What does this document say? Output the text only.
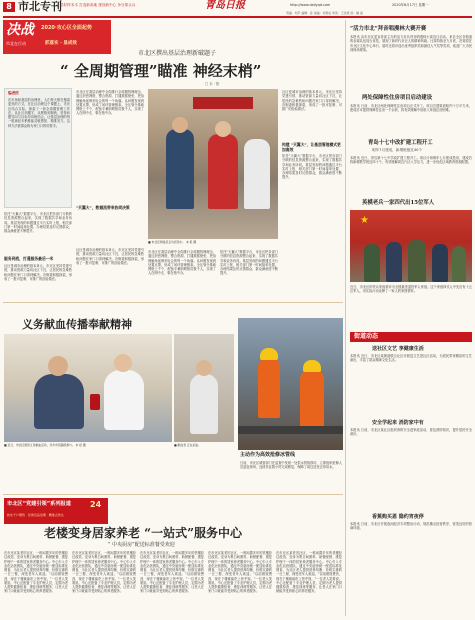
8 市北专刊
浩好样本木 打造新高地 建设新中心 争当排头兵	青岛日报	2020年8月17日 星期一
http://www.dailyqd.com
责编：刘平 编辑：孙 美编：刘君成 审读：王金燕 校：臧 丽
决战 2020·攻心区全面起势
市北在行动	抓落实 · 显成效
市北区撰出基层治理新破题子
“ 全周期管理”瞄准 神经末梢”
□ 本 · 报
编者按
在市场和基层的治理里，人们每天都在搜索更优的方式，在社区治理这个课题上，市北区结合实际，探索了一套全周期管理工作法。从社区到楼宇，从网格到街巷，坚持问题导向与目标导向相结合，让基层治理的每一根神经末梢都能灵敏感知、精准发力。这种方法被群众称为家门口的好帮手。
■ 市北区网格员走访居民中。 本 报 摄
市北区在基层治理中全面推行全周期管理理念，通过织密网格，整合资源，打通数据壁垒，把治理触角延伸到社会的每一个角落。从问题发现到处置反馈，形成了闭环管理链条。全区划分基础网格上千个，配备专兼职网格员数千人，实现了人在网中走、事在格中办。
“天翼大”，数据流带来协同决策
依托“天翼大”数据平台，市北区把各部门分散的信息资源整合起来，实现了数据共享和业务协同。基层发现的问题通过平台实时上报，相关部门第一时间接单处置，办理结果及时反馈群众，群众满意度不断提升。
社区是城市治理的基本单元。市北区坚持党建引领，推动资源力量向社区下沉，让居民的急难愁盼问题在家门口得到解决。各街道积极探索，形成了一批可复制、可推广的经验做法。
市北区在基层治理中全面推行全周期管理理念，通过织密网格，整合资源，打通数据壁垒，把治理触角延伸到社会的每一个角落。从问题发现到处置反馈，形成了闭环管理链条。全区划分基础网格上千个，配备专兼职网格员数千人，实现了人在网中走、事在格中办。
依托“天翼大”数据平台，市北区把各部门分散的信息资源整合起来，实现了数据共享和业务协同。基层发现的问题通过平台实时上报，相关部门第一时间接单处置，办理结果及时反馈群众，群众满意度不断提升。
构建 “天翼大”，让基层管理模式更加高效
社区是城市治理的基本单元。市北区坚持党建引领，推动资源力量向社区下沉，让居民的急难愁盼问题在家门口得到解决。各街道积极探索，形成了一批可复制、可推广的经验做法。
依托“天翼大”数据平台，市北区把各部门分散的信息资源整合起来，实现了数据共享和业务协同。基层发现的问题通过平台实时上报，相关部门第一时间接单处置，办理结果及时反馈群众，群众满意度不断提升。
服务到底，打通服务最后一米
社区是城市治理的基本单元。市北区坚持党建引领，推动资源力量向社区下沉，让居民的急难愁盼问题在家门口得到解决。各街道积极探索，形成了一批可复制、可推广的经验做法。
义务献血传播奉献精神
■ 近日，市北区组织义务献血活动，众多市民踊跃参与。 本 报 摄	■ 献血者 正在采血。
主动作为高效抢修冰管线
日前，市北区城管部门在巡查中发现一处供水管线损坏，立即组织抢修人员赶赴现场，连续作业数小时完成修复，保障了周边居民正常用水。
市北区“党建引领”系列报道 24
核实千户理特 · 党建贡品治理 · 精准点传达
老楼变身居家养老 “一站式”服务中心
“ 中央厨房”配送标准餐受欢迎
在市北区某老旧社区，一栋闲置多年的老楼经过改造，变身为集日间照料、助餐配餐、康复护理于一体的居家养老服务中心。中心引入专业化运营团队，通过中央厨房统一配送标准化餐食，为社区老人提供营养均衡、价格实惠的一日三餐，深受老年人欢迎。“以前做饭费劲，现在下楼就能吃上热乎饭。”一位老人笑着说。中心还配备了专业护理人员，定期为老人提供健康检查、康复训练等服务，让老人在家门口就能享受到贴心的养老服务。
在市北区某老旧社区，一栋闲置多年的老楼经过改造，变身为集日间照料、助餐配餐、康复护理于一体的居家养老服务中心。中心引入专业化运营团队，通过中央厨房统一配送标准化餐食，为社区老人提供营养均衡、价格实惠的一日三餐，深受老年人欢迎。“以前做饭费劲，现在下楼就能吃上热乎饭。”一位老人笑着说。中心还配备了专业护理人员，定期为老人提供健康检查、康复训练等服务，让老人在家门口就能享受到贴心的养老服务。
在市北区某老旧社区，一栋闲置多年的老楼经过改造，变身为集日间照料、助餐配餐、康复护理于一体的居家养老服务中心。中心引入专业化运营团队，通过中央厨房统一配送标准化餐食，为社区老人提供营养均衡、价格实惠的一日三餐，深受老年人欢迎。“以前做饭费劲，现在下楼就能吃上热乎饭。”一位老人笑着说。中心还配备了专业护理人员，定期为老人提供健康检查、康复训练等服务，让老人在家门口就能享受到贴心的养老服务。
在市北区某老旧社区，一栋闲置多年的老楼经过改造，变身为集日间照料、助餐配餐、康复护理于一体的居家养老服务中心。中心引入专业化运营团队，通过中央厨房统一配送标准化餐食，为社区老人提供营养均衡、价格实惠的一日三餐，深受老年人欢迎。“以前做饭费劲，现在下楼就能吃上热乎饭。”一位老人笑着说。中心还配备了专业护理人员，定期为老人提供健康检查、康复训练等服务，让老人在家门口就能享受到贴心的养老服务。
在市北区某老旧社区，一栋闲置多年的老楼经过改造，变身为集日间照料、助餐配餐、康复护理于一体的居家养老服务中心。中心引入专业化运营团队，通过中央厨房统一配送标准化餐食，为社区老人提供营养均衡、价格实惠的一日三餐，深受老年人欢迎。“以前做饭费劲，现在下楼就能吃上热乎饭。”一位老人笑着说。中心还配备了专业护理人员，定期为老人提供健康检查、康复训练等服务，让老人在家门口就能享受到贴心的养老服务。
“活力市北”拜音唱漫林大赛开赛
本报讯 由市北区委宣传部主办的活力市北拜音唱漫林大赛近日启动。来自全区各街道的参赛队伍同台竞技，展现了新时代市北人的精神风貌。比赛持续至九月底，决赛将在市北区文化中心举行，届时还将评选出优秀组织奖和最佳人气奖等奖项，欢迎广大市民到现场观赛。
两处保障性住房项目启动建设
本报讯 日前，市北区两处保障性住房项目正式开工。项目总建筑面积约十万平方米，建成后可提供保障性住房一千余套，将有效缓解中低收入家庭住房困难。
青岛十七中改扩建工程开工
明年7月建成，新增班级近40个
本报讯 近日，青岛第十七中学改扩建工程开工。项目计划明年七月建成投用，建成后将新增教学班近四十个，有效缓解周边片区入学压力，进一步优化区域教育资源配置。
英模老兵一家四代出15位军人
★
近日，市北区的老兵家庭被评为全国最美退役军人家庭。这个家庭四代人中先后有十五位军人，用实际行动诠释了一家人的家国情怀。
街道动态
送社区文艺 享健康生活
本报讯 近日，市北区某街道联合社区开展送文艺进社区活动，为居民带来精彩的文艺演出，丰富了群众精神文化生活。
安全学起来 消防家中有
本报讯 日前，市北区某社区组织消防安全进家庭活动，普及消防知识，提升居民安全意识。
香蕉购买恩 隐约宵夜停
本报讯 日前，市北区开展夜间经济专项整治行动，规范摊点经营秩序，营造良好的营商环境。
